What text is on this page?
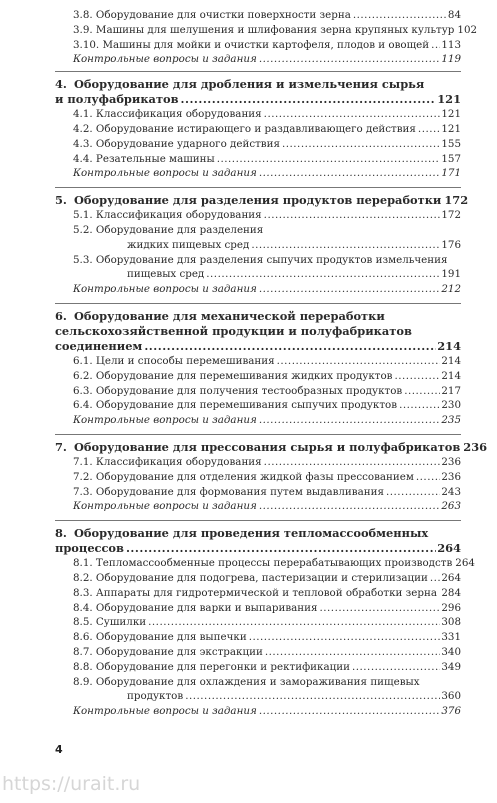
3.8. Оборудование для очистки поверхности зерна .....	84
3.9. Машины для шелушения и шлифования зерна крупяных культур 102
3.10. Машины для мойки и очистки картофеля, плодов и овощей ..... 113
Контрольные вопросы и задания .....	119
4. Оборудование для дробления и измельчения сырья
и полуфабрикатов .....	121
4.1. Классификация оборудования .....	121
4.2. Оборудование истирающего и раздавливающего действия ..... 121
4.3. Оборудование ударного действия .....	155
4.4. Резательные машины .....	157
Контрольные вопросы и задания .....	171
5. Оборудование для разделения продуктов переработки 172
5.1. Классификация оборудования .....	172
5.2. Оборудование для разделения
жидких пищевых сред .....	176
5.3. Оборудование для разделения сыпучих продуктов измельчения
пищевых сред .....	191
Контрольные вопросы и задания .....	212
6. Оборудование для механической переработки
сельскохозяйственной продукции и полуфабрикатов
соединением .....	214
6.1. Цели и способы перемешивания .....	214
6.2. Оборудование для перемешивания жидких продуктов .....	214
6.3. Оборудование для получения тестообразных продуктов .....	217
6.4. Оборудование для перемешивания сыпучих продуктов .....	230
Контрольные вопросы и задания .....	235
7. Оборудование для прессования сырья и полуфабрикатов 236
7.1. Классификация оборудования .....	236
7.2. Оборудование для отделения жидкой фазы прессованием .....	236
7.3. Оборудование для формования путем выдавливания .....	243
Контрольные вопросы и задания .....	263
8. Оборудование для проведения тепломассообменных
процессов .....	264
8.1. Тепломассообменные процессы перерабатывающих производств 264
8.2. Оборудование для подогрева, пастеризации и стерилизации ..... 264
8.3. Аппараты для гидротермической и тепловой обработки зерна ..... 284
8.4. Оборудование для варки и выпаривания .....	296
8.5. Сушилки .....	308
8.6. Оборудование для выпечки .....	331
8.7. Оборудование для экстракции .....	340
8.8. Оборудование для перегонки и ректификации .....	349
8.9. Оборудование для охлаждения и замораживания пищевых
продуктов .....	360
Контрольные вопросы и задания .....	376
4
https://urait.ru
